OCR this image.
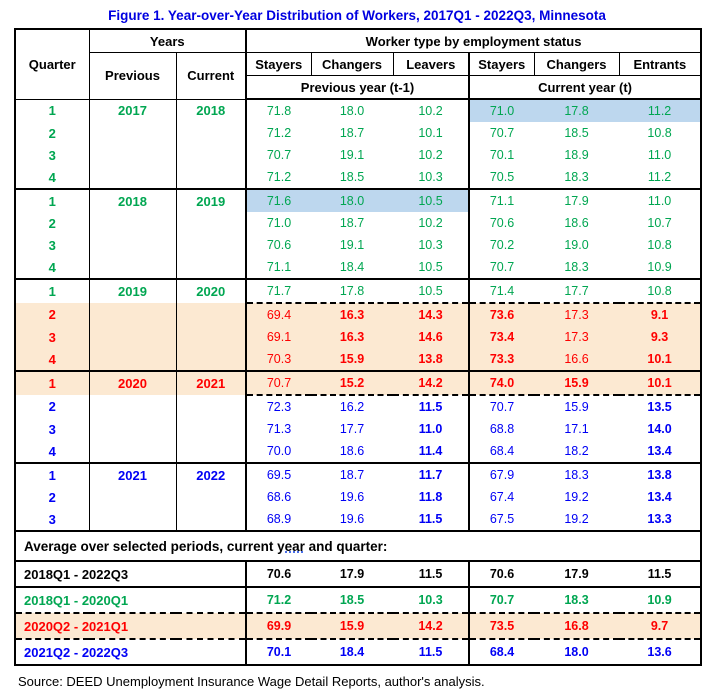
Figure 1. Year-over-Year Distribution of Workers, 2017Q1 - 2022Q3, Minnesota
Quarter	Years		Worker type by employment status					
	Previous	Current	Stayers	Changers	Leavers	Stayers	Changers	Entrants
			Previous year (t-1)			Current year (t)		
1	2017	2018	71.8	18.0	10.2	71.0	17.8	11.2
2			71.2	18.7	10.1	70.7	18.5	10.8
3			70.7	19.1	10.2	70.1	18.9	11.0
4			71.2	18.5	10.3	70.5	18.3	11.2
1	2018	2019	71.6	18.0	10.5	71.1	17.9	11.0
2			71.0	18.7	10.2	70.6	18.6	10.7
3			70.6	19.1	10.3	70.2	19.0	10.8
4			71.1	18.4	10.5	70.7	18.3	10.9
1	2019	2020	71.7	17.8	10.5	71.4	17.7	10.8
2			69.4	16.3	14.3	73.6	17.3	9.1
3			69.1	16.3	14.6	73.4	17.3	9.3
4			70.3	15.9	13.8	73.3	16.6	10.1
1	2020	2021	70.7	15.2	14.2	74.0	15.9	10.1
2			72.3	16.2	11.5	70.7	15.9	13.5
3			71.3	17.7	11.0	68.8	17.1	14.0
4			70.0	18.6	11.4	68.4	18.2	13.4
1	2021	2022	69.5	18.7	11.7	67.9	18.3	13.8
2			68.6	19.6	11.8	67.4	19.2	13.4
3			68.9	19.6	11.5	67.5	19.2	13.3
Average over selected periods, current year and quarter:								
2018Q1 - 2022Q3			70.6	17.9	11.5	70.6	17.9	11.5
2018Q1 - 2020Q1			71.2	18.5	10.3	70.7	18.3	10.9
2020Q2 - 2021Q1			69.9	15.9	14.2	73.5	16.8	9.7
2021Q2 - 2022Q3			70.1	18.4	11.5	68.4	18.0	13.6
Source: DEED Unemployment Insurance Wage Detail Reports, author's analysis.
